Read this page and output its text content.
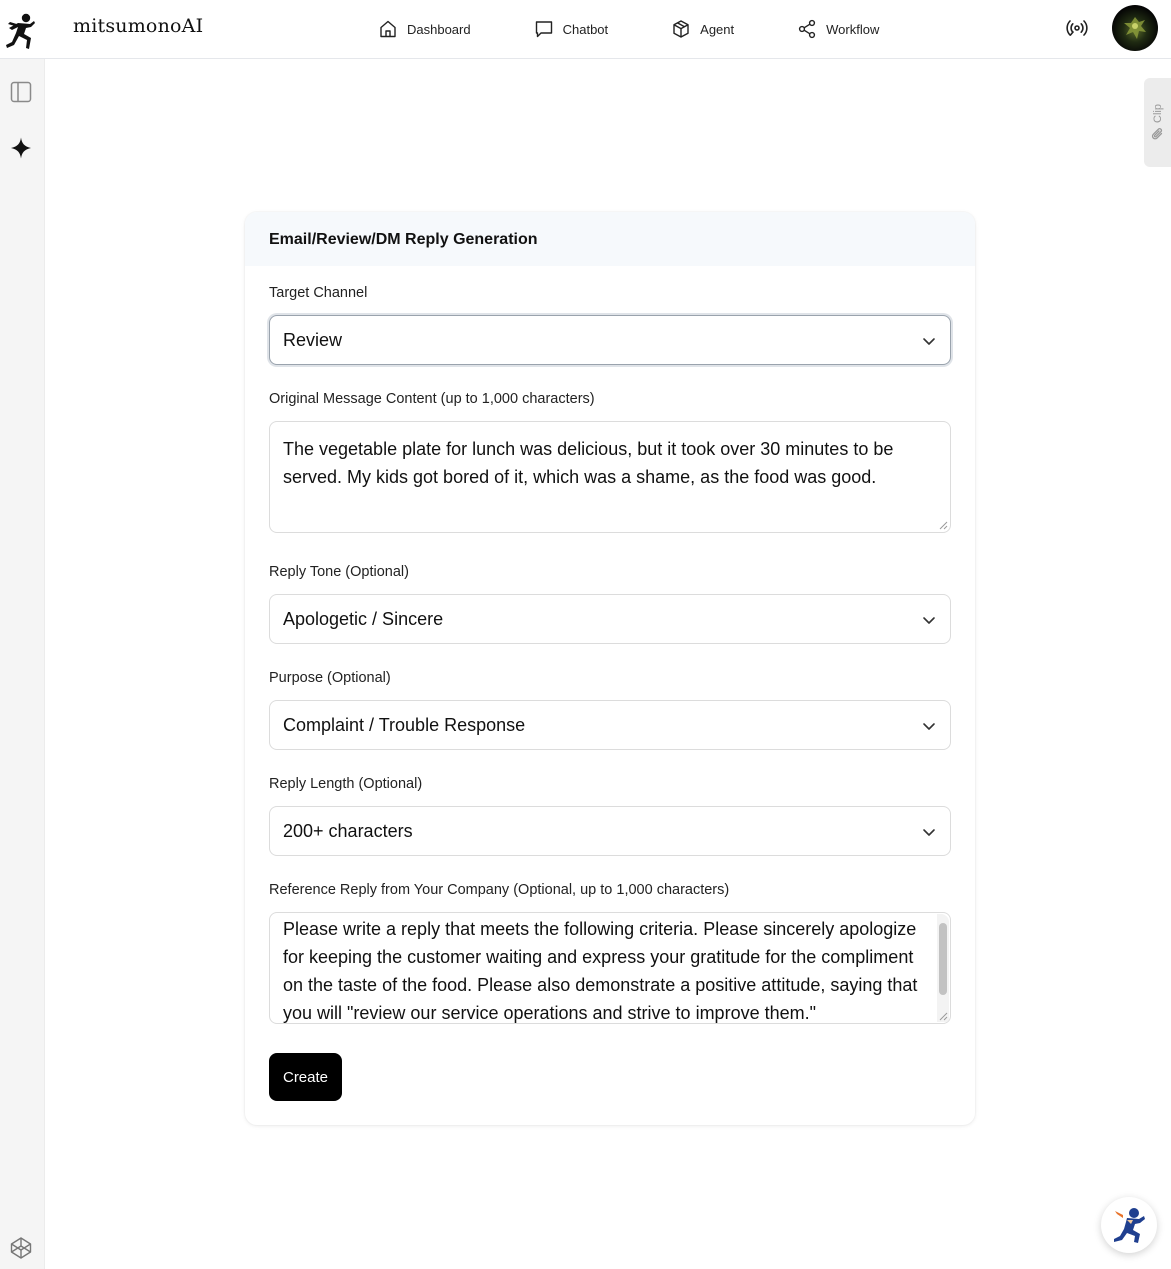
mitsumonoAI	Dashboard	Chatbot	Agent	Workflow
Clip
Email/Review/DM Reply Generation
Target Channel
Review
Original Message Content (up to 1,000 characters)
The vegetable plate for lunch was delicious, but it took over 30 minutes to be served. My kids got bored of it, which was a shame, as the food was good.
Reply Tone (Optional)
Apologetic / Sincere
Purpose (Optional)
Complaint / Trouble Response
Reply Length (Optional)
200+ characters
Reference Reply from Your Company (Optional, up to 1,000 characters)
Please write a reply that meets the following criteria. Please sincerely apologize for keeping the customer waiting and express your gratitude for the compliment on the taste of the food. Please also demonstrate a positive attitude, saying that you will "review our service operations and strive to improve them."
Create
